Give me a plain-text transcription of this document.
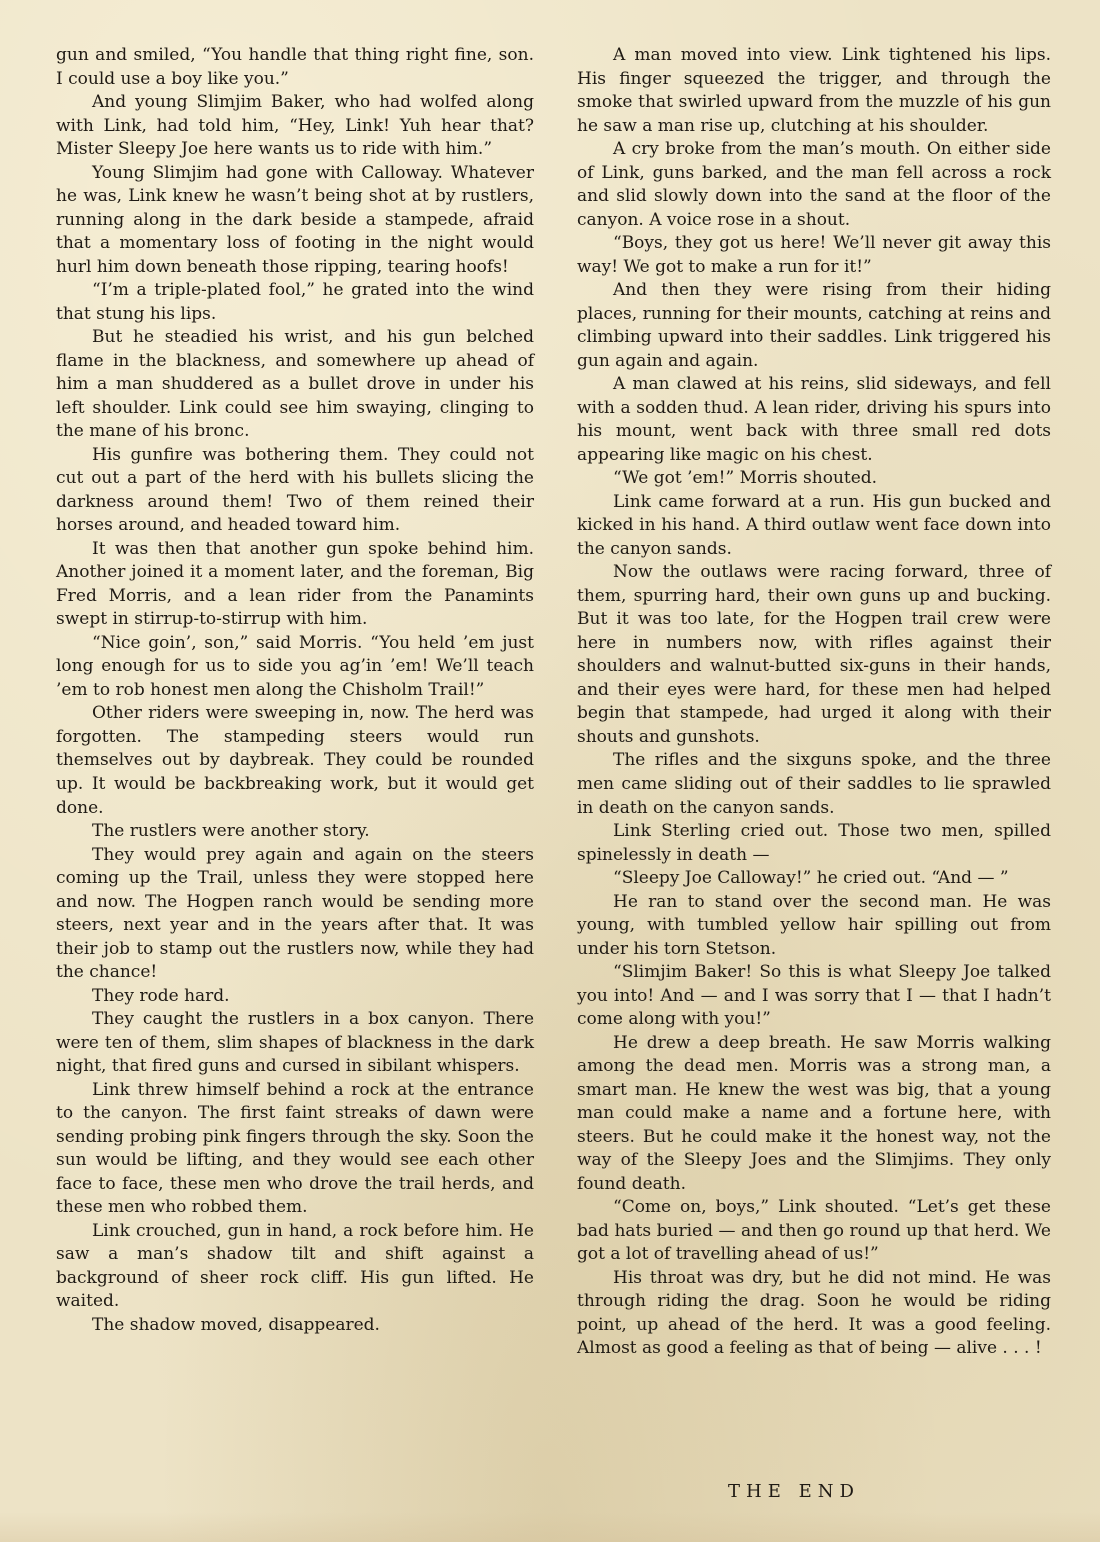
gun and smiled, “You handle that thing right fine, son. I could use a boy like you.”

And young Slimjim Baker, who had wolfed along with Link, had told him, “Hey, Link! Yuh hear that? Mister Sleepy Joe here wants us to ride with him.”

Young Slimjim had gone with Calloway. Whatever he was, Link knew he wasn’t being shot at by rustlers, running along in the dark beside a stampede, afraid that a momentary loss of footing in the night would hurl him down beneath those ripping, tearing hoofs!

“I’m a triple-plated fool,” he grated into the wind that stung his lips.

But he steadied his wrist, and his gun belched flame in the blackness, and somewhere up ahead of him a man shuddered as a bullet drove in under his left shoulder. Link could see him swaying, clinging to the mane of his bronc.

His gunfire was bothering them. They could not cut out a part of the herd with his bullets slicing the darkness around them! Two of them reined their horses around, and headed toward him.

It was then that another gun spoke behind him. Another joined it a moment later, and the foreman, Big Fred Morris, and a lean rider from the Panamints swept in stirrup-to-stirrup with him.

“Nice goin’, son,” said Morris. “You held ’em just long enough for us to side you ag’in ’em! We’ll teach ’em to rob honest men along the Chisholm Trail!”

Other riders were sweeping in, now. The herd was forgotten. The stampeding steers would run themselves out by daybreak. They could be rounded up. It would be backbreaking work, but it would get done.

The rustlers were another story.

They would prey again and again on the steers coming up the Trail, unless they were stopped here and now. The Hogpen ranch would be sending more steers, next year and in the years after that. It was their job to stamp out the rustlers now, while they had the chance!

They rode hard.

They caught the rustlers in a box canyon. There were ten of them, slim shapes of blackness in the dark night, that fired guns and cursed in sibilant whispers.

Link threw himself behind a rock at the entrance to the canyon. The first faint streaks of dawn were sending probing pink fingers through the sky. Soon the sun would be lifting, and they would see each other face to face, these men who drove the trail herds, and these men who robbed them.

Link crouched, gun in hand, a rock before him. He saw a man’s shadow tilt and shift against a background of sheer rock cliff. His gun lifted. He waited.

The shadow moved, disappeared.

A man moved into view. Link tightened his lips. His finger squeezed the trigger, and through the smoke that swirled upward from the muzzle of his gun he saw a man rise up, clutching at his shoulder.

A cry broke from the man’s mouth. On either side of Link, guns barked, and the man fell across a rock and slid slowly down into the sand at the floor of the canyon. A voice rose in a shout.

“Boys, they got us here! We’ll never git away this way! We got to make a run for it!”

And then they were rising from their hiding places, running for their mounts, catching at reins and climbing upward into their saddles. Link triggered his gun again and again.

A man clawed at his reins, slid sideways, and fell with a sodden thud. A lean rider, driving his spurs into his mount, went back with three small red dots appearing like magic on his chest.

“We got ’em!” Morris shouted.

Link came forward at a run. His gun bucked and kicked in his hand. A third outlaw went face down into the canyon sands.

Now the outlaws were racing forward, three of them, spurring hard, their own guns up and bucking. But it was too late, for the Hogpen trail crew were here in numbers now, with rifles against their shoulders and walnut-butted six-guns in their hands, and their eyes were hard, for these men had helped begin that stampede, had urged it along with their shouts and gunshots.

The rifles and the sixguns spoke, and the three men came sliding out of their saddles to lie sprawled in death on the canyon sands.

Link Sterling cried out. Those two men, spilled spinelessly in death —

“Sleepy Joe Calloway!” he cried out. “And — ”

He ran to stand over the second man. He was young, with tumbled yellow hair spilling out from under his torn Stetson.

“Slimjim Baker! So this is what Sleepy Joe talked you into! And — and I was sorry that I — that I hadn’t come along with you!”

He drew a deep breath. He saw Morris walking among the dead men. Morris was a strong man, a smart man. He knew the west was big, that a young man could make a name and a fortune here, with steers. But he could make it the honest way, not the way of the Sleepy Joes and the Slimjims. They only found death.

“Come on, boys,” Link shouted. “Let’s get these bad hats buried — and then go round up that herd. We got a lot of travelling ahead of us!”

His throat was dry, but he did not mind. He was through riding the drag. Soon he would be riding point, up ahead of the herd. It was a good feeling. Almost as good a feeling as that of being — alive . . . !

THE END
